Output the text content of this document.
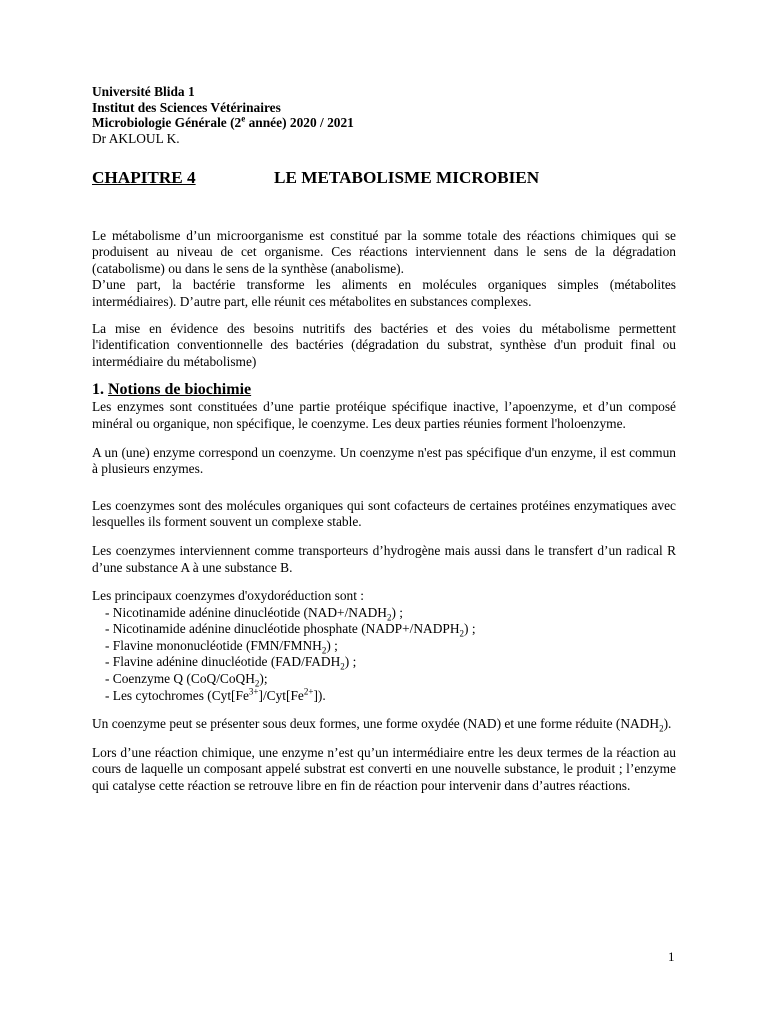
Université Blida 1
Institut des Sciences Vétérinaires
Microbiologie Générale (2e année) 2020 / 2021
Dr AKLOUL K.
CHAPITRE 4	LE METABOLISME MICROBIEN

Le métabolisme d’un microorganisme est constitué par la somme totale des réactions chimiques qui se produisent au niveau de cet organisme. Ces réactions interviennent dans le sens de la dégradation (catabolisme) ou dans le sens de la synthèse (anabolisme).

D’une part, la bactérie transforme les aliments en molécules organiques simples (métabolites intermédiaires). D’autre part, elle réunit ces métabolites en substances complexes.

La mise en évidence des besoins nutritifs des bactéries et des voies du métabolisme permettent l'identification conventionnelle des bactéries (dégradation du substrat, synthèse d'un produit final ou intermédiaire du métabolisme)

1. Notions de biochimie

Les enzymes sont constituées d’une partie protéique spécifique inactive, l’apoenzyme, et d’un composé minéral ou organique, non spécifique, le coenzyme. Les deux parties réunies forment l'holoenzyme.

A un (une) enzyme correspond un coenzyme. Un coenzyme n'est pas spécifique d'un enzyme, il est commun à plusieurs enzymes.

Les coenzymes sont des molécules organiques qui sont cofacteurs de certaines protéines enzymatiques avec lesquelles ils forment souvent un complexe stable.

Les coenzymes interviennent comme transporteurs d’hydrogène mais aussi dans le transfert d’un radical R d’une substance A à une substance B.

Les principaux coenzymes d'oxydoréduction sont :

- Nicotinamide adénine dinucléotide $(NAD+/NADH_2)$ ;
- Nicotinamide adénine dinucléotide phosphate $(NADP+/NADPH_2)$ ;
- Flavine mononucléotide $(FMN/FMNH_2)$ ;
- Flavine adénine dinucléotide $(FAD/FADH_2)$ ;
- Coenzyme Q (CoQ/CoQH$_2$);
- Les cytochromes $(Cyt[Fe^{3+}]/Cyt[Fe^{2+}])$.

Un coenzyme peut se présenter sous deux formes, une forme oxydée (NAD) et une forme réduite $(NADH_2)$.

Lors d’une réaction chimique, une enzyme n’est qu’un intermédiaire entre les deux termes de la réaction au cours de laquelle un composant appelé substrat est converti en une nouvelle substance, le produit ; l’enzyme qui catalyse cette réaction se retrouve libre en fin de réaction pour intervenir dans d’autres réactions.

1
